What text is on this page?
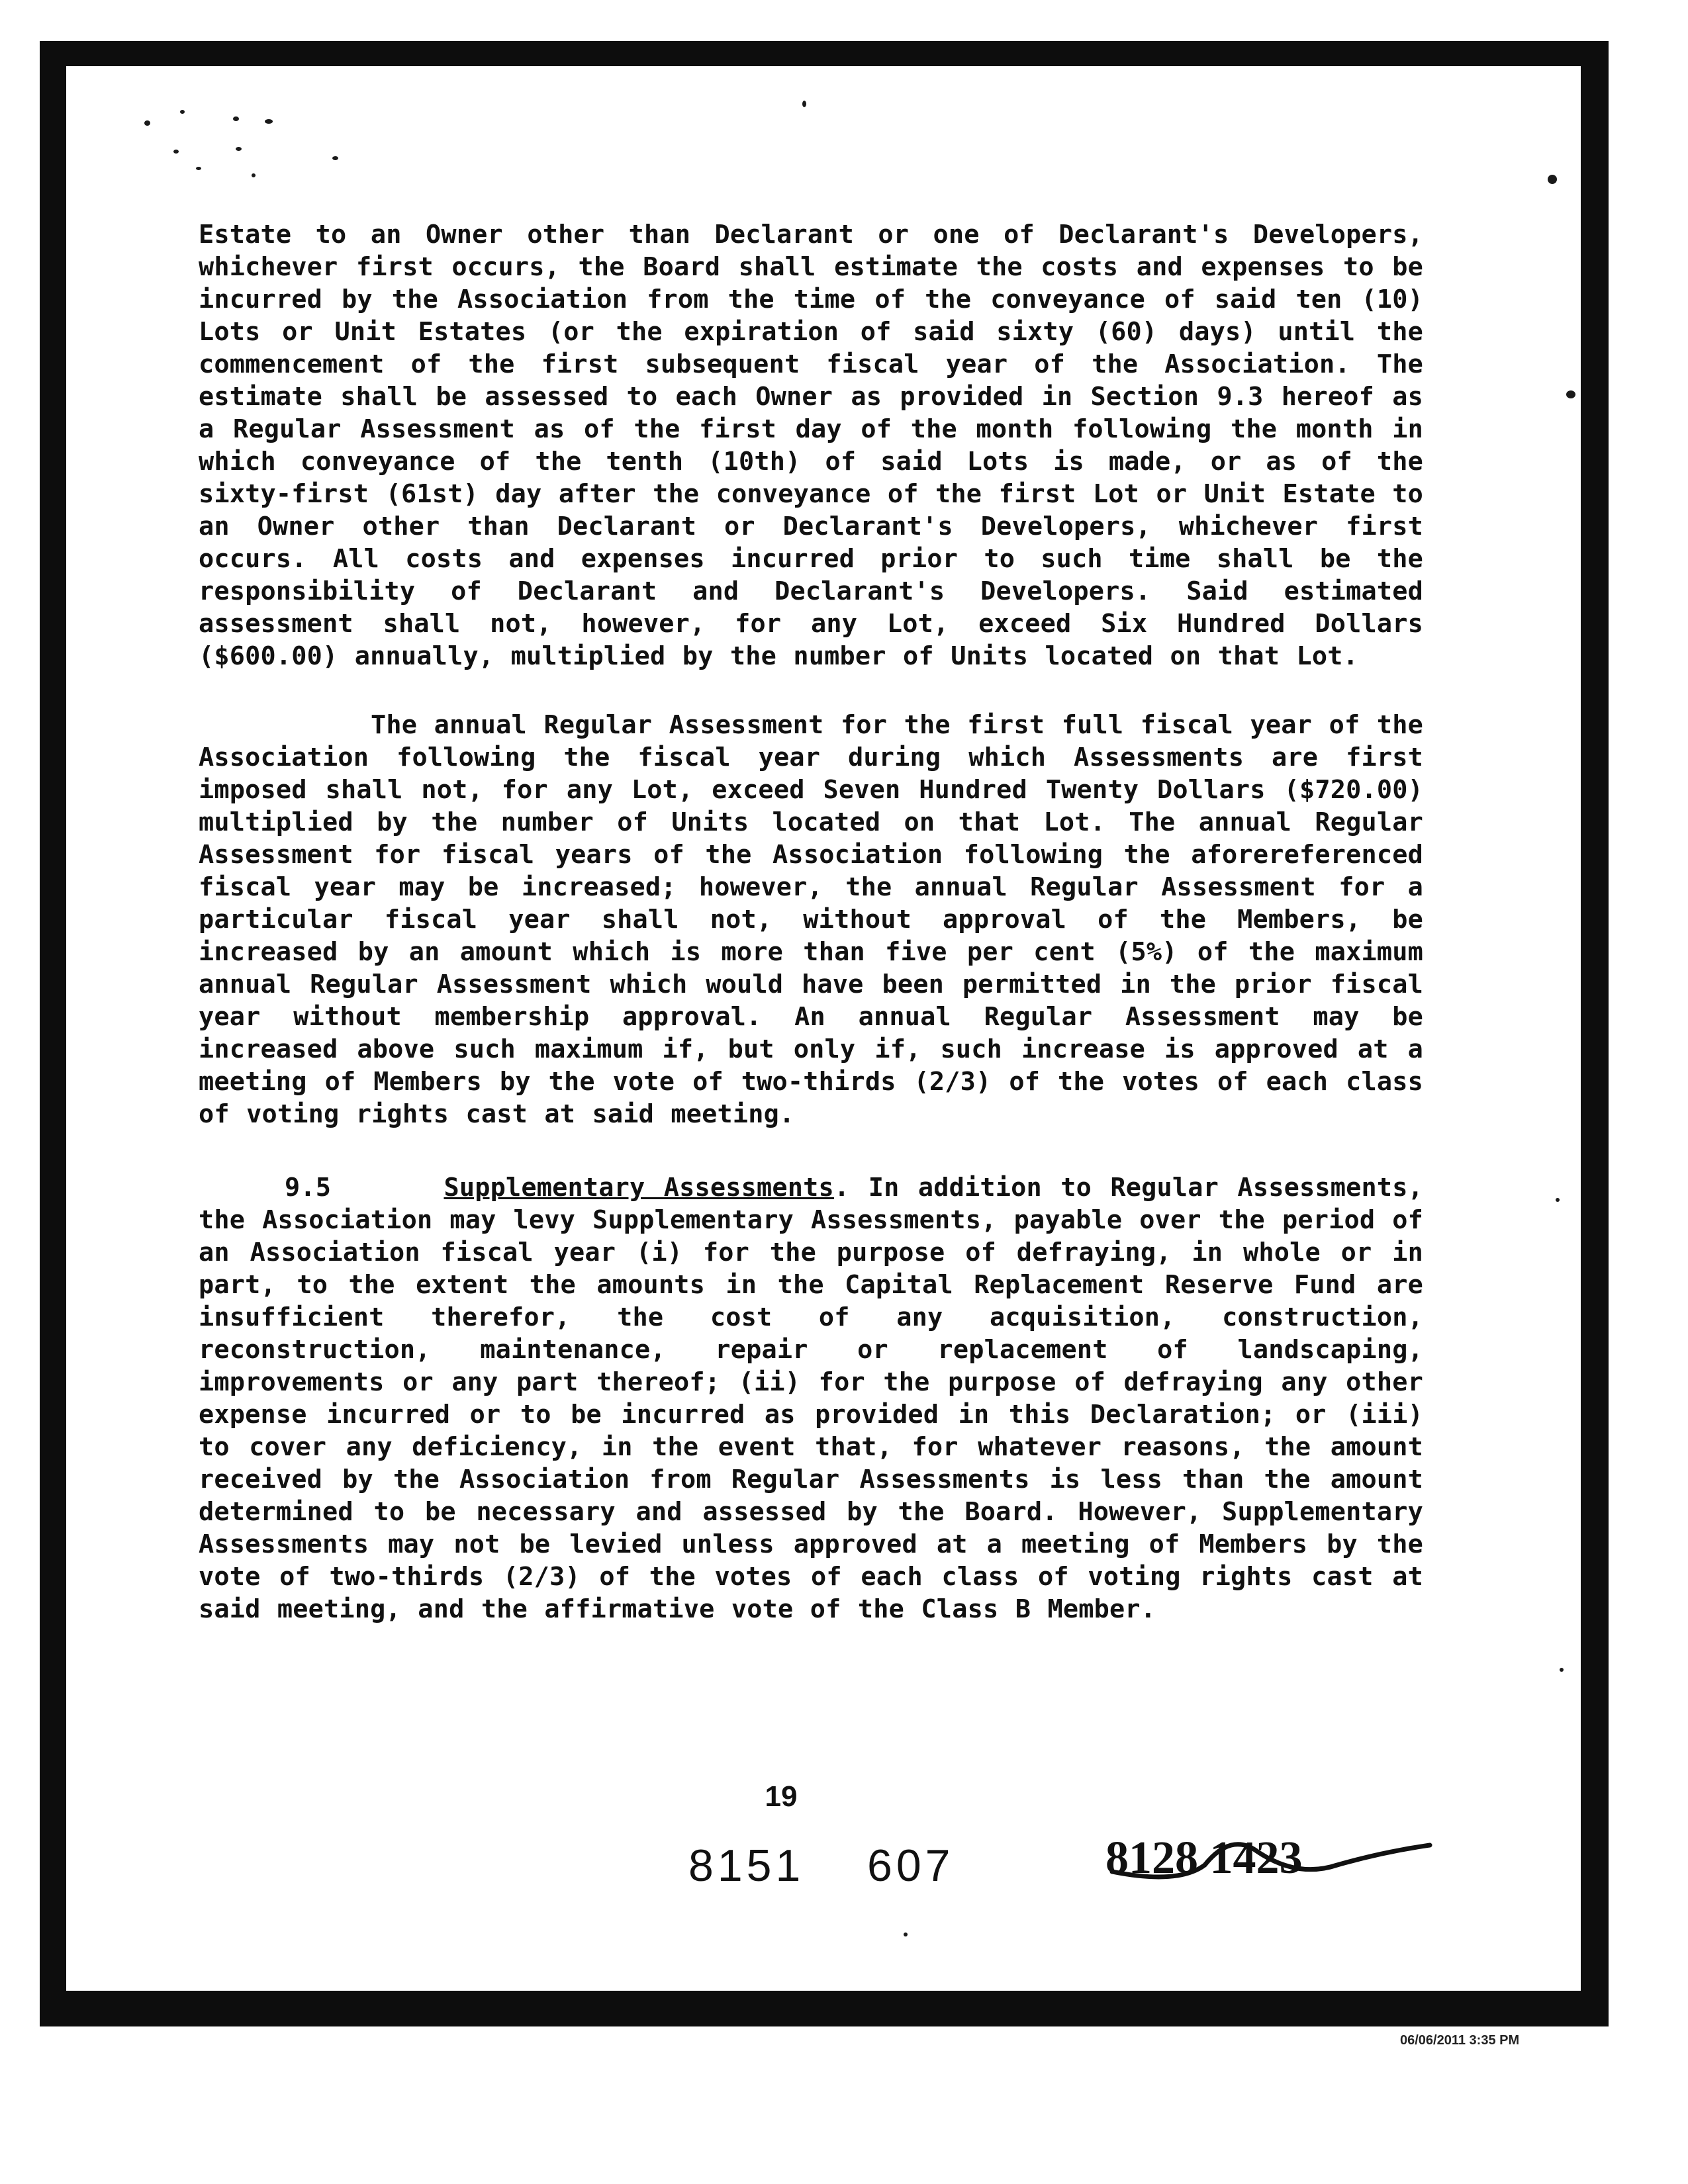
Estate to an Owner other than Declarant or one of Declarant's Developers, whichever first occurs, the Board shall estimate the costs and expenses to be incurred by the Association from the time of the conveyance of said ten (10) Lots or Unit Estates (or the expiration of said sixty (60) days) until the commencement of the first subsequent fiscal year of the Association. The estimate shall be assessed to each Owner as provided in Section 9.3 hereof as a Regular Assessment as of the first day of the month following the month in which conveyance of the tenth (10th) of said Lots is made, or as of the sixty-first (61st) day after the conveyance of the first Lot or Unit Estate to an Owner other than Declarant or Declarant's Developers, whichever first occurs. All costs and expenses incurred prior to such time shall be the responsibility of Declarant and Declarant's Developers. Said estimated assessment shall not, however, for any Lot, exceed Six Hundred Dollars ($600.00) annually, multiplied by the number of Units located on that Lot.

The annual Regular Assessment for the first full fiscal year of the Association following the fiscal year during which Assessments are first imposed shall not, for any Lot, exceed Seven Hundred Twenty Dollars ($720.00) multiplied by the number of Units located on that Lot. The annual Regular Assessment for fiscal years of the Association following the aforereferenced fiscal year may be increased; however, the annual Regular Assessment for a particular fiscal year shall not, without approval of the Members, be increased by an amount which is more than five per cent (5%) of the maximum annual Regular Assessment which would have been permitted in the prior fiscal year without membership approval. An annual Regular Assessment may be increased above such maximum if, but only if, such increase is approved at a meeting of Members by the vote of two-thirds (2/3) of the votes of each class of voting rights cast at said meeting.

9.5	Supplementary Assessments. In addition to Regular Assessments, the Association may levy Supplementary Assessments, payable over the period of an Association fiscal year (i) for the purpose of defraying, in whole or in part, to the extent the amounts in the Capital Replacement Reserve Fund are insufficient therefor, the cost of any acquisition, construction, reconstruction, maintenance, repair or replacement of landscaping, improvements or any part thereof; (ii) for the purpose of defraying any other expense incurred or to be incurred as provided in this Declaration; or (iii) to cover any deficiency, in the event that, for whatever reasons, the amount received by the Association from Regular Assessments is less than the amount determined to be necessary and assessed by the Board. However, Supplementary Assessments may not be levied unless approved at a meeting of Members by the vote of two-thirds (2/3) of the votes of each class of voting rights cast at said meeting, and the affirmative vote of the Class B Member.

19
8151 607	8128 1423
06/06/2011 3:35 PM
